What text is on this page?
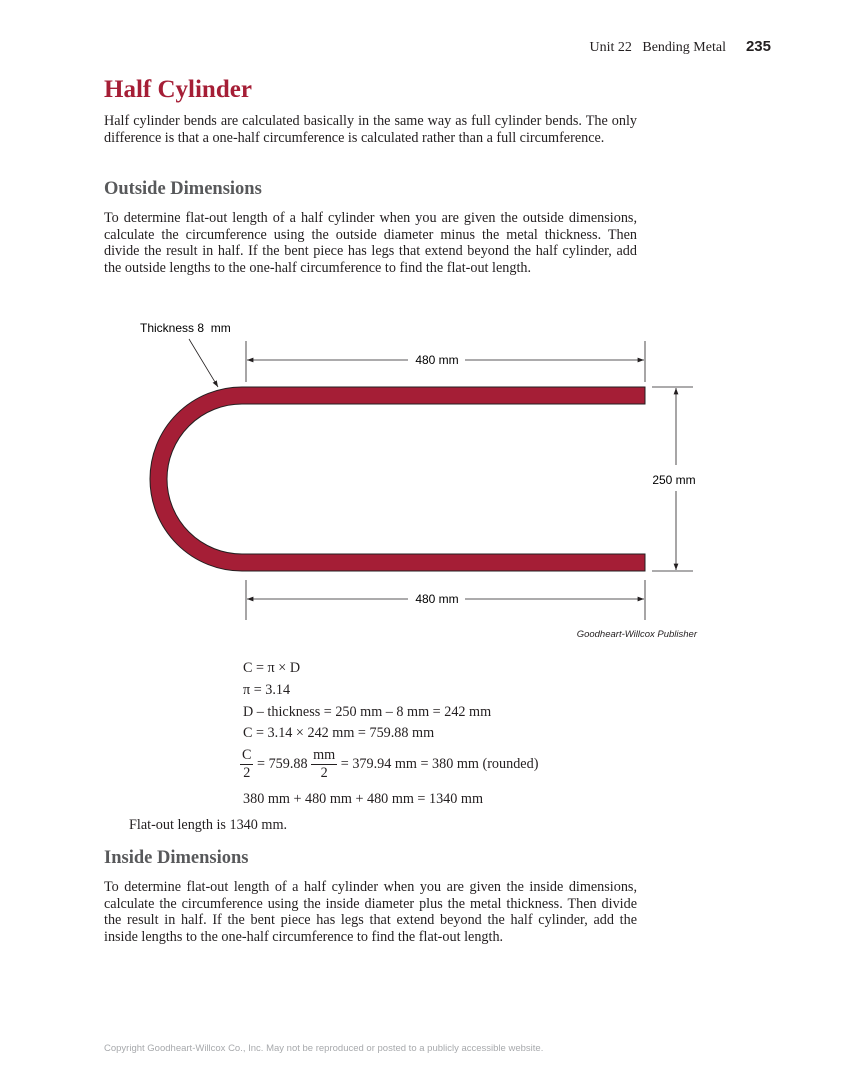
Unit 22   Bending Metal 235
Half Cylinder
Half cylinder bends are calculated basically in the same way as full cylinder bends. The only difference is that a one-half circumference is calculated rather than a full circumference.
Outside Dimensions
To determine flat-out length of a half cylinder when you are given the outside dimensions, calculate the circumference using the outside diameter minus the metal thickness. Then divide the result in half. If the bent piece has legs that extend beyond the half cylinder, add the outside lengths to the one-half circumference to find the flat-out length.
Thickness 8  mm
480 mm
480 mm
250 mm
Goodheart-Willcox Publisher
C = π × D
π = 3.14
D – thickness = 250 mm – 8 mm = 242 mm
C = 3.14 × 242 mm = 759.88 mm
$\frac{C}{2} = 759.88 \frac{mm}{2} = 379.94$ mm = 380 mm (rounded)
380 mm + 480 mm + 480 mm = 1340 mm
Flat-out length is 1340 mm.
Inside Dimensions
To determine flat-out length of a half cylinder when you are given the inside dimensions, calculate the circumference using the inside diameter plus the metal thickness. Then divide the result in half. If the bent piece has legs that extend beyond the half cylinder, add the inside lengths to the one-half circumference to find the flat-out length.
Copyright Goodheart-Willcox Co., Inc. May not be reproduced or posted to a publicly accessible website.
